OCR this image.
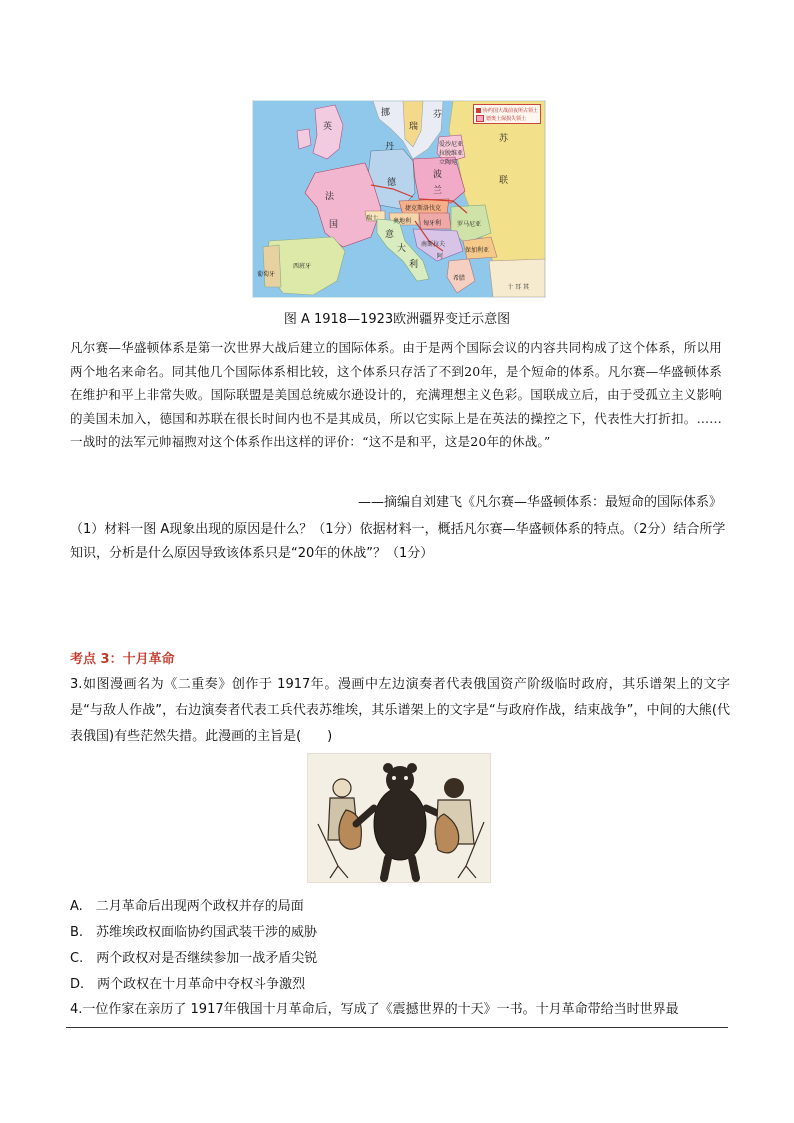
协约国大战前夜所占领土
德奥土保损失领土
英
挪
瑞
芬
苏
联
爱沙尼亚
拉脱维亚
立陶宛
丹
德
波
兰
法
国
捷克斯洛伐克
奥地利 匈牙利	罗马尼亚
南斯拉夫
保加利亚
瑞士
意
大
利
西班牙
葡萄牙
阿
希腊
十 耳 其
图 A 1918—1923欧洲疆界变迁示意图
凡尔赛—华盛顿体系是第一次世界大战后建立的国际体系。由于是两个国际会议的内容共同构成了这个体系，所以用两个地名来命名。同其他几个国际体系相比较，这个体系只存活了不到20年，是个短命的体系。凡尔赛—华盛顿体系在维护和平上非常失败。国际联盟是美国总统威尔逊设计的，充满理想主义色彩。国联成立后，由于受孤立主义影响的美国未加入，德国和苏联在很长时间内也不是其成员，所以它实际上是在英法的操控之下，代表性大打折扣。……一战时的法军元帅福煦对这个体系作出这样的评价：“这不是和平，这是20年的休战。”
——摘编自刘建飞《凡尔赛—华盛顿体系：最短命的国际体系》
（1）材料一图 A现象出现的原因是什么？（1分）依据材料一，概括凡尔赛—华盛顿体系的特点。（2分）结合所学知识，分析是什么原因导致该体系只是“20年的休战”？（1分）
考点 3：十月革命
3.如图漫画名为《二重奏》创作于 1917年。漫画中左边演奏者代表俄国资产阶级临时政府，其乐谱架上的文字是“与敌人作战”，右边演奏者代表工兵代表苏维埃，其乐谱架上的文字是“与政府作战，结束战争”，中间的大熊(代表俄国)有些茫然失措。此漫画的主旨是(　　)
A.　二月革命后出现两个政权并存的局面
B.　苏维埃政权面临协约国武装干涉的威胁
C.　两个政权对是否继续参加一战矛盾尖锐
D.　两个政权在十月革命中夺权斗争激烈
4.一位作家在亲历了 1917年俄国十月革命后，写成了《震撼世界的十天》一书。十月革命带给当时世界最
